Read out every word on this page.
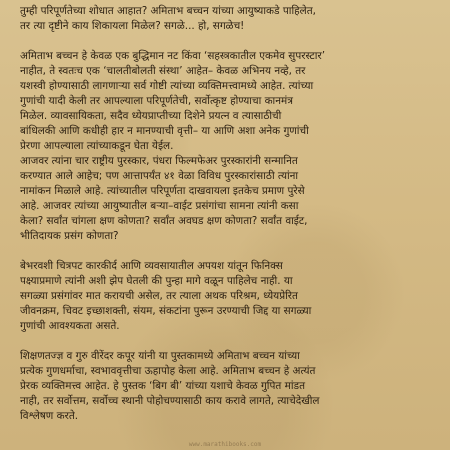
तुम्ही परिपूर्णतेच्या शोधात आहात? अमिताभ बच्चन यांच्या आयुष्याकडे पाहिलेत,
तर त्या दृष्टीने काय शिकायला मिळेल? सगळे... हो, सगळेच!

अमिताभ बच्चन हे केवळ एक बुद्धिमान नट किंवा ‘सहस्त्रकातील एकमेव सुपरस्टार’
नाहीत, ते स्वतःच एक ‘चालतीबोलती संस्था’ आहेत– केवळ अभिनय नव्हे, तर
यशस्वी होण्यासाठी लागणाऱ्या सर्व गोष्टी त्यांच्या व्यक्तिमत्त्वामध्ये आहेत. त्यांच्या
गुणांची यादी केली तर आपल्याला परिपूर्णतेची, सर्वोत्कृष्ट होण्याचा कानमंत्र
मिळेल. व्यावसायिकता, सदैव ध्येयप्राप्तीच्या दिशेने प्रयत्न व त्यासाठीची
बांधिलकी आणि कधीही हार न मानण्याची वृत्ती– या आणि अशा अनेक गुणांची
प्रेरणा आपल्याला त्यांच्याकडून घेता येईल.
आजवर त्यांना चार राष्ट्रीय पुरस्कार, पंधरा फिल्मफेअर पुरस्कारांनी सन्मानित
करण्यात आले आहेच; पण आत्तापर्यंत ४१ वेळा विविध पुरस्कारांसाठी त्यांना
नामांकन मिळाले आहे. त्यांच्यातील परिपूर्णता दाखवायला इतकेच प्रमाण पुरेसे
आहे. आजवर त्यांच्या आयुष्यातील बऱ्या–वाईट प्रसंगांचा सामना त्यांनी कसा
केला? सर्वांत चांगला क्षण कोणता? सर्वांत अवघड क्षण कोणता? सर्वांत वाईट,
भीतिदायक प्रसंग कोणता?

बेभरवशी चित्रपट कारकीर्द आणि व्यवसायातील अपयश यांतून फिनिक्स
पक्ष्याप्रमाणे त्यांनी अशी झेप घेतली की पुन्हा मागे वळून पाहिलेच नाही. या
सगळ्या प्रसंगांवर मात करायची असेल, तर त्याला अथक परिश्रम, ध्येयप्रेरित
जीवनक्रम, चिवट इच्छाशक्ती, संयम, संकटांना पुरून उरण्याची जिद्द या सगळ्या
गुणांची आवश्यकता असते.

शिक्षणतज्ज्ञ व गुरु वीरेंदर कपूर यांनी या पुस्तकामध्ये अमिताभ बच्चन यांच्या
प्रत्येक गुणधर्माचा, स्वभाववृत्तीचा ऊहापोह केला आहे. अमिताभ बच्चन हे अत्यंत
प्रेरक व्यक्तिमत्त्व आहेत. हे पुस्तक ‘बिग बी’ यांच्या यशाचे केवळ गुपित मांडत
नाही, तर सर्वोत्तम, सर्वोच्च स्थानी पोहोचण्यासाठी काय करावे लागते, त्याचेदेखील
विश्लेषण करते.

www.marathibooks.com
